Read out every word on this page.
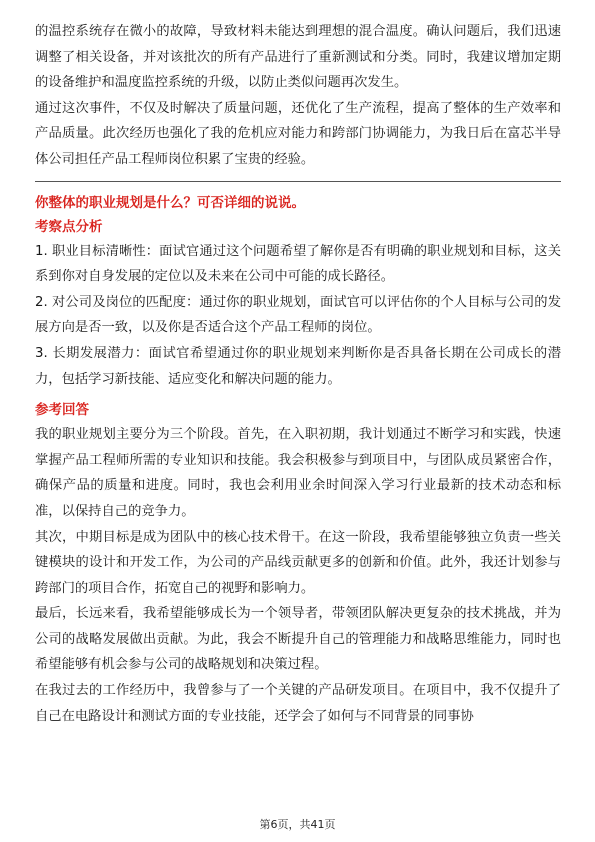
的温控系统存在微小的故障，导致材料未能达到理想的混合温度。确认问题后，我们迅速调整了相关设备，并对该批次的所有产品进行了重新测试和分类。同时，我建议增加定期的设备维护和温度监控系统的升级，以防止类似问题再次发生。

通过这次事件，不仅及时解决了质量问题，还优化了生产流程，提高了整体的生产效率和产品质量。此次经历也强化了我的危机应对能力和跨部门协调能力，为我日后在富芯半导体公司担任产品工程师岗位积累了宝贵的经验。

你整体的职业规划是什么？可否详细的说说。
考察点分析

1. 职业目标清晰性：面试官通过这个问题希望了解你是否有明确的职业规划和目标，这关系到你对自身发展的定位以及未来在公司中可能的成长路径。

2. 对公司及岗位的匹配度：通过你的职业规划，面试官可以评估你的个人目标与公司的发展方向是否一致，以及你是否适合这个产品工程师的岗位。

3. 长期发展潜力：面试官希望通过你的职业规划来判断你是否具备长期在公司成长的潜力，包括学习新技能、适应变化和解决问题的能力。

参考回答

我的职业规划主要分为三个阶段。首先，在入职初期，我计划通过不断学习和实践，快速掌握产品工程师所需的专业知识和技能。我会积极参与到项目中，与团队成员紧密合作，确保产品的质量和进度。同时，我也会利用业余时间深入学习行业最新的技术动态和标准，以保持自己的竞争力。

其次，中期目标是成为团队中的核心技术骨干。在这一阶段，我希望能够独立负责一些关键模块的设计和开发工作，为公司的产品线贡献更多的创新和价值。此外，我还计划参与跨部门的项目合作，拓宽自己的视野和影响力。

最后，长远来看，我希望能够成长为一个领导者，带领团队解决更复杂的技术挑战，并为公司的战略发展做出贡献。为此，我会不断提升自己的管理能力和战略思维能力，同时也希望能够有机会参与公司的战略规划和决策过程。

在我过去的工作经历中，我曾参与了一个关键的产品研发项目。在项目中，我不仅提升了自己在电路设计和测试方面的专业技能，还学会了如何与不同背景的同事协

第6页，共41页
